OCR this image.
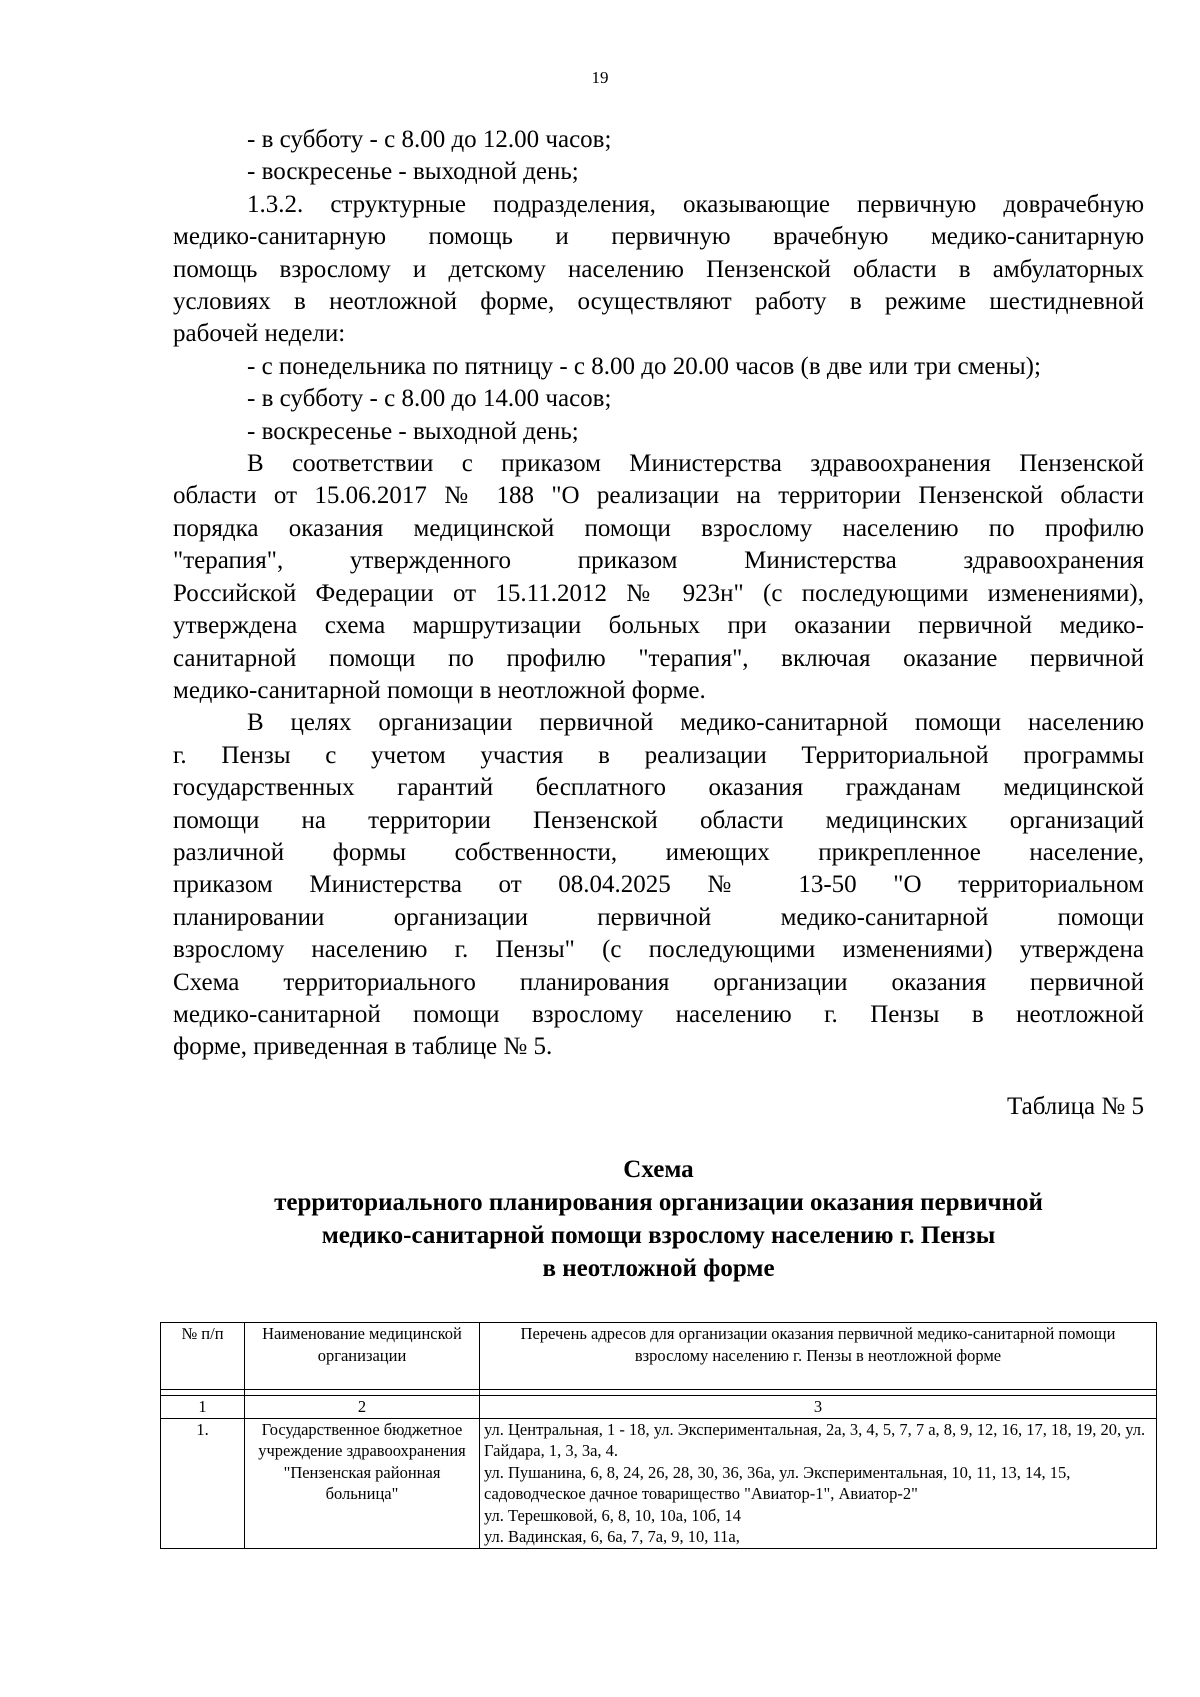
19
- в субботу - с 8.00 до 12.00 часов;
- воскресенье - выходной день;
1.3.2. структурные подразделения, оказывающие первичную доврачебную
медико-санитарную помощь и первичную врачебную медико-санитарную
помощь взрослому и детскому населению Пензенской области в амбулаторных
условиях в неотложной форме, осуществляют работу в режиме шестидневной
рабочей недели:
- с понедельника по пятницу - с 8.00 до 20.00 часов (в две или три смены);
- в субботу - с 8.00 до 14.00 часов;
- воскресенье - выходной день;
В соответствии с приказом Министерства здравоохранения Пензенской
области от 15.06.2017 № 188 "О реализации на территории Пензенской области
порядка оказания медицинской помощи взрослому населению по профилю
"терапия", утвержденного приказом Министерства здравоохранения
Российской Федерации от 15.11.2012 № 923н" (с последующими изменениями),
утверждена схема маршрутизации больных при оказании первичной медико-
санитарной помощи по профилю "терапия", включая оказание первичной
медико-санитарной помощи в неотложной форме.
В целях организации первичной медико-санитарной помощи населению
г. Пензы с учетом участия в реализации Территориальной программы
государственных гарантий бесплатного оказания гражданам медицинской
помощи на территории Пензенской области медицинских организаций
различной формы собственности, имеющих прикрепленное население,
приказом Министерства от 08.04.2025 № 13-50 "О территориальном
планировании организации первичной медико-санитарной помощи
взрослому населению г. Пензы" (с последующими изменениями) утверждена
Схема территориального планирования организации оказания первичной
медико-санитарной помощи взрослому населению г. Пензы в неотложной
форме, приведенная в таблице № 5.
Таблица № 5
Схема
территориального планирования организации оказания первичной
медико-санитарной помощи взрослому населению г. Пензы
в неотложной форме
№ п/п	Наименование медицинской организации	Перечень адресов для организации оказания первичной медико-санитарной помощи взрослому населению г. Пензы в неотложной форме

1	2	3
1.	Государственное бюджетное учреждение здравоохранения "Пензенская районная больница"	ул. Центральная, 1 - 18, ул. Экспериментальная, 2а, 3, 4, 5, 7, 7 а, 8, 9, 12, 16, 17, 18, 19, 20, ул. Гайдара, 1, 3, 3а, 4.
ул. Пушанина, 6, 8, 24, 26, 28, 30, 36, 36а, ул. Экспериментальная, 10, 11, 13, 14, 15, садоводческое дачное товарищество "Авиатор-1", Авиатор-2"
ул. Терешковой, 6, 8, 10, 10а, 10б, 14
ул. Вадинская, 6, 6а, 7, 7а, 9, 10, 11а,
